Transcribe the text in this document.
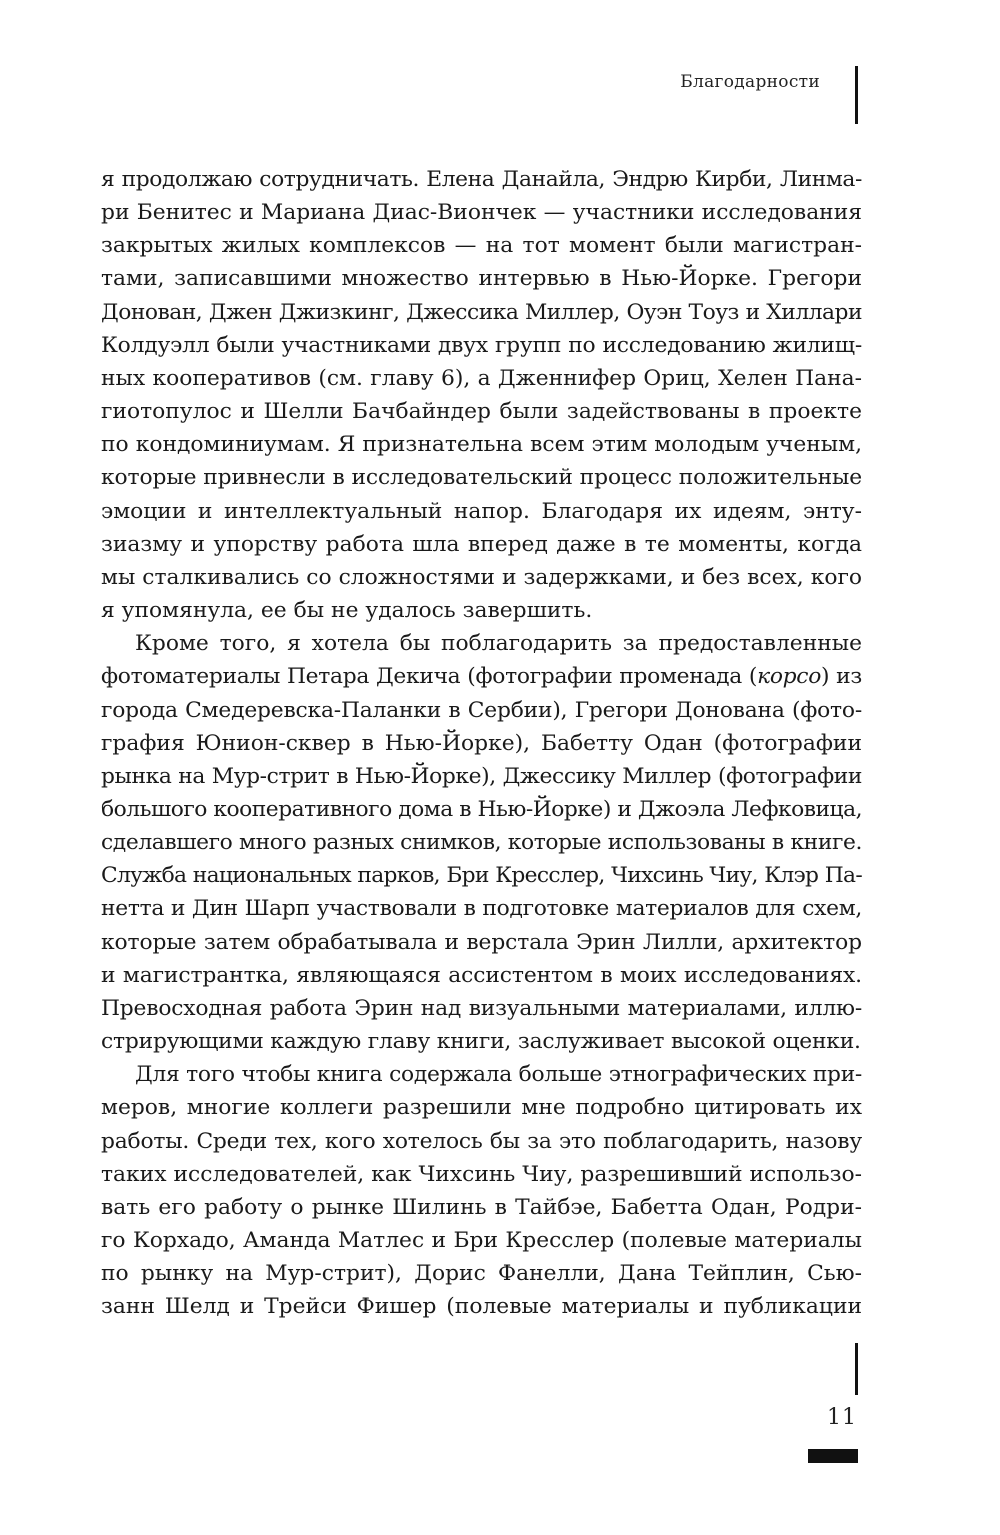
Благодарности
я продолжаю сотрудничать. Елена Данайла, Эндрю Кирби, Линма-
ри Бенитес и Мариана Диас-Виончек — участники исследования
закрытых жилых комплексов — на тот момент были магистран-
тами, записавшими множество интервью в Нью-Йорке. Грегори
Донован, Джен Джизкинг, Джессика Миллер, Оуэн Тоуз и Хиллари
Колдуэлл были участниками двух групп по исследованию жилищ-
ных кооперативов (см. главу 6), а Дженнифер Ориц, Хелен Пана-
гиотопулос и Шелли Бачбайндер были задействованы в проекте
по кондоминиумам. Я признательна всем этим молодым ученым,
которые привнесли в исследовательский процесс положительные
эмоции и интеллектуальный напор. Благодаря их идеям, энту-
зиазму и упорству работа шла вперед даже в те моменты, когда
мы сталкивались со сложностями и задержками, и без всех, кого
я упомянула, ее бы не удалось завершить.
Кроме того, я хотела бы поблагодарить за предоставленные
фотоматериалы Петара Декича (фотографии променада (корсо) из
города Смедеревска-Паланки в Сербии), Грегори Донована (фото-
графия Юнион-сквер в Нью-Йорке), Бабетту Одан (фотографии
рынка на Мур-стрит в Нью-Йорке), Джессику Миллер (фотографии
большого кооперативного дома в Нью-Йорке) и Джоэла Лефковица,
сделавшего много разных снимков, которые использованы в книге.
Служба национальных парков, Бри Кресслер, Чихсинь Чиу, Клэр Па-
нетта и Дин Шарп участвовали в подготовке материалов для схем,
которые затем обрабатывала и верстала Эрин Лилли, архитектор
и магистрантка, являющаяся ассистентом в моих исследованиях.
Превосходная работа Эрин над визуальными материалами, иллю-
стрирующими каждую главу книги, заслуживает высокой оценки.
Для того чтобы книга содержала больше этнографических при-
меров, многие коллеги разрешили мне подробно цитировать их
работы. Среди тех, кого хотелось бы за это поблагодарить, назову
таких исследователей, как Чихсинь Чиу, разрешивший использо-
вать его работу о рынке Шилинь в Тайбэе, Бабетта Одан, Родри-
го Корхадо, Аманда Матлес и Бри Кресслер (полевые материалы
по рынку на Мур-стрит), Дорис Фанелли, Дана Тейплин, Сью-
занн Шелд и Трейси Фишер (полевые материалы и публикации
11
